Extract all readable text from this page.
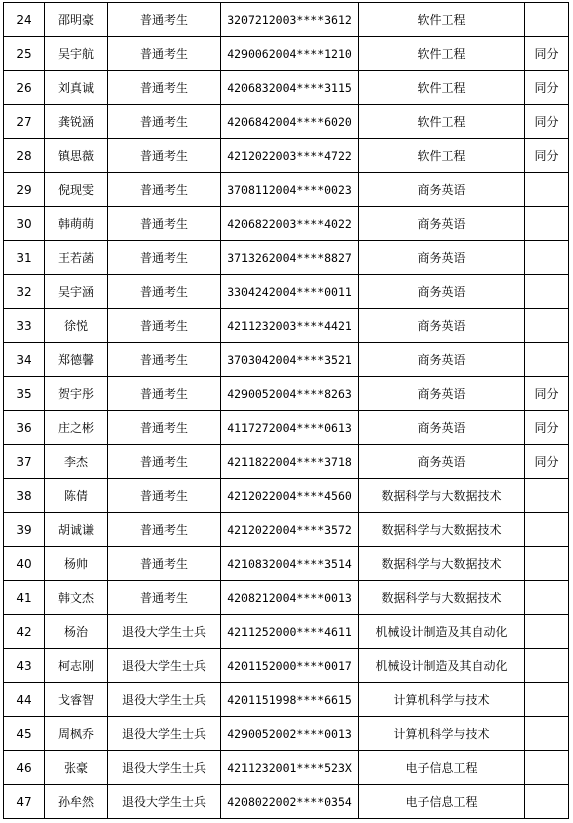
24	邵明豪	普通考生	3207212003****3612	软件工程	
25	吴宇航	普通考生	4290062004****1210	软件工程	同分
26	刘真诚	普通考生	4206832004****3115	软件工程	同分
27	龚锐涵	普通考生	4206842004****6020	软件工程	同分
28	镇思薇	普通考生	4212022003****4722	软件工程	同分
29	倪现雯	普通考生	3708112004****0023	商务英语	
30	韩萌萌	普通考生	4206822003****4022	商务英语	
31	王若菡	普通考生	3713262004****8827	商务英语	
32	吴宇涵	普通考生	3304242004****0011	商务英语	
33	徐悦	普通考生	4211232003****4421	商务英语	
34	郑德馨	普通考生	3703042004****3521	商务英语	
35	贺宇彤	普通考生	4290052004****8263	商务英语	同分
36	庄之彬	普通考生	4117272004****0613	商务英语	同分
37	李杰	普通考生	4211822004****3718	商务英语	同分
38	陈倩	普通考生	4212022004****4560	数据科学与大数据技术	
39	胡诚谦	普通考生	4212022004****3572	数据科学与大数据技术	
40	杨帅	普通考生	4210832004****3514	数据科学与大数据技术	
41	韩文杰	普通考生	4208212004****0013	数据科学与大数据技术	
42	杨治	退役大学生士兵	4211252000****4611	机械设计制造及其自动化	
43	柯志刚	退役大学生士兵	4201152000****0017	机械设计制造及其自动化	
44	戈睿智	退役大学生士兵	4201151998****6615	计算机科学与技术	
45	周枫乔	退役大学生士兵	4290052002****0013	计算机科学与技术	
46	张豪	退役大学生士兵	4211232001****523X	电子信息工程	
47	孙牟然	退役大学生士兵	4208022002****0354	电子信息工程	
